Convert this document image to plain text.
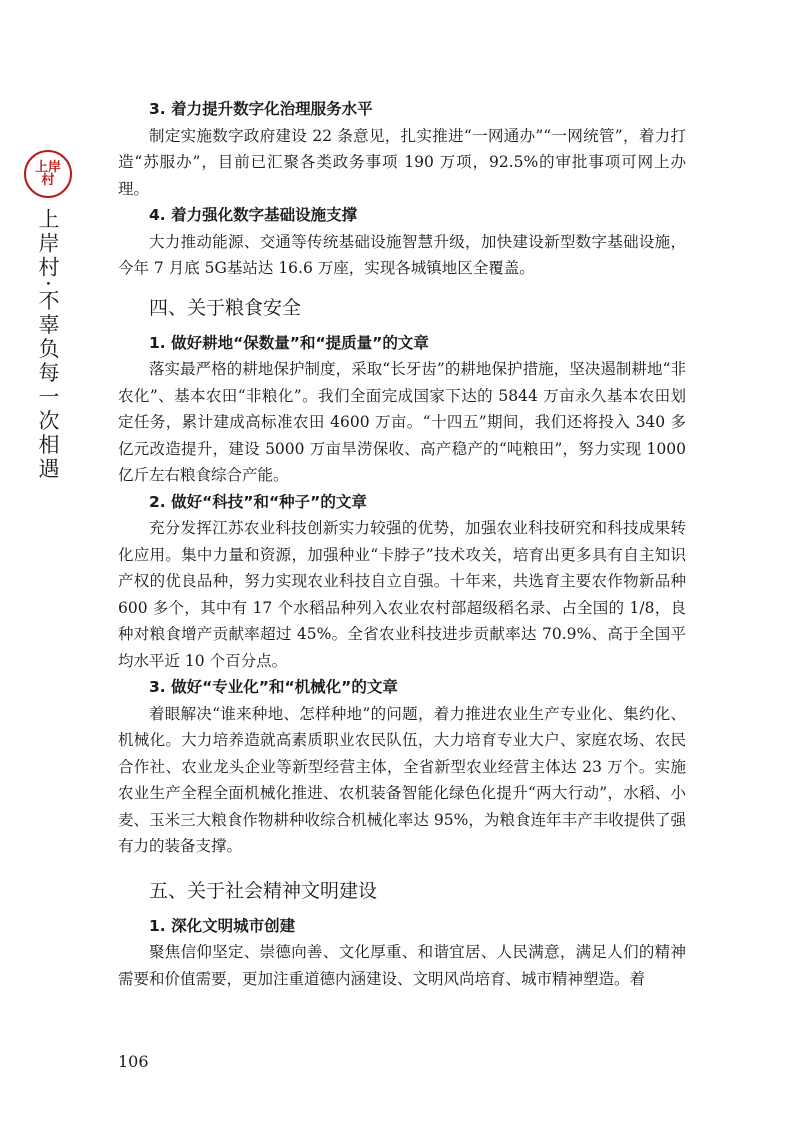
上岸村
上岸村·不辜负每一次相遇

3. 着力提升数字化治理服务水平

制定实施数字政府建设 22 条意见，扎实推进“一网通办”“一网统管”，着力打造“苏服办”，目前已汇聚各类政务事项 190 万项，92.5%的审批事项可网上办理。

4. 着力强化数字基础设施支撑

大力推动能源、交通等传统基础设施智慧升级，加快建设新型数字基础设施，今年 7 月底 5G基站达 16.6 万座，实现各城镇地区全覆盖。

四、关于粮食安全

1. 做好耕地“保数量”和“提质量”的文章

落实最严格的耕地保护制度，采取“长牙齿”的耕地保护措施，坚决遏制耕地“非农化”、基本农田“非粮化”。我们全面完成国家下达的 5844 万亩永久基本农田划定任务，累计建成高标准农田 4600 万亩。“十四五”期间，我们还将投入 340 多亿元改造提升，建设 5000 万亩旱涝保收、高产稳产的“吨粮田”，努力实现 1000 亿斤左右粮食综合产能。

2. 做好“科技”和“种子”的文章

充分发挥江苏农业科技创新实力较强的优势，加强农业科技研究和科技成果转化应用。集中力量和资源，加强种业“卡脖子”技术攻关，培育出更多具有自主知识产权的优良品种，努力实现农业科技自立自强。十年来，共选育主要农作物新品种 600 多个，其中有 17 个水稻品种列入农业农村部超级稻名录、占全国的 1/8，良种对粮食增产贡献率超过 45%。全省农业科技进步贡献率达 70.9%、高于全国平均水平近 10 个百分点。

3. 做好“专业化”和“机械化”的文章

着眼解决“谁来种地、怎样种地”的问题，着力推进农业生产专业化、集约化、机械化。大力培养造就高素质职业农民队伍，大力培育专业大户、家庭农场、农民合作社、农业龙头企业等新型经营主体，全省新型农业经营主体达 23 万个。实施农业生产全程全面机械化推进、农机装备智能化绿色化提升“两大行动”，水稻、小麦、玉米三大粮食作物耕种收综合机械化率达 95%，为粮食连年丰产丰收提供了强有力的装备支撑。

五、关于社会精神文明建设

1. 深化文明城市创建

聚焦信仰坚定、崇德向善、文化厚重、和谐宜居、人民满意，满足人们的精神需要和价值需要，更加注重道德内涵建设、文明风尚培育、城市精神塑造。着

106
